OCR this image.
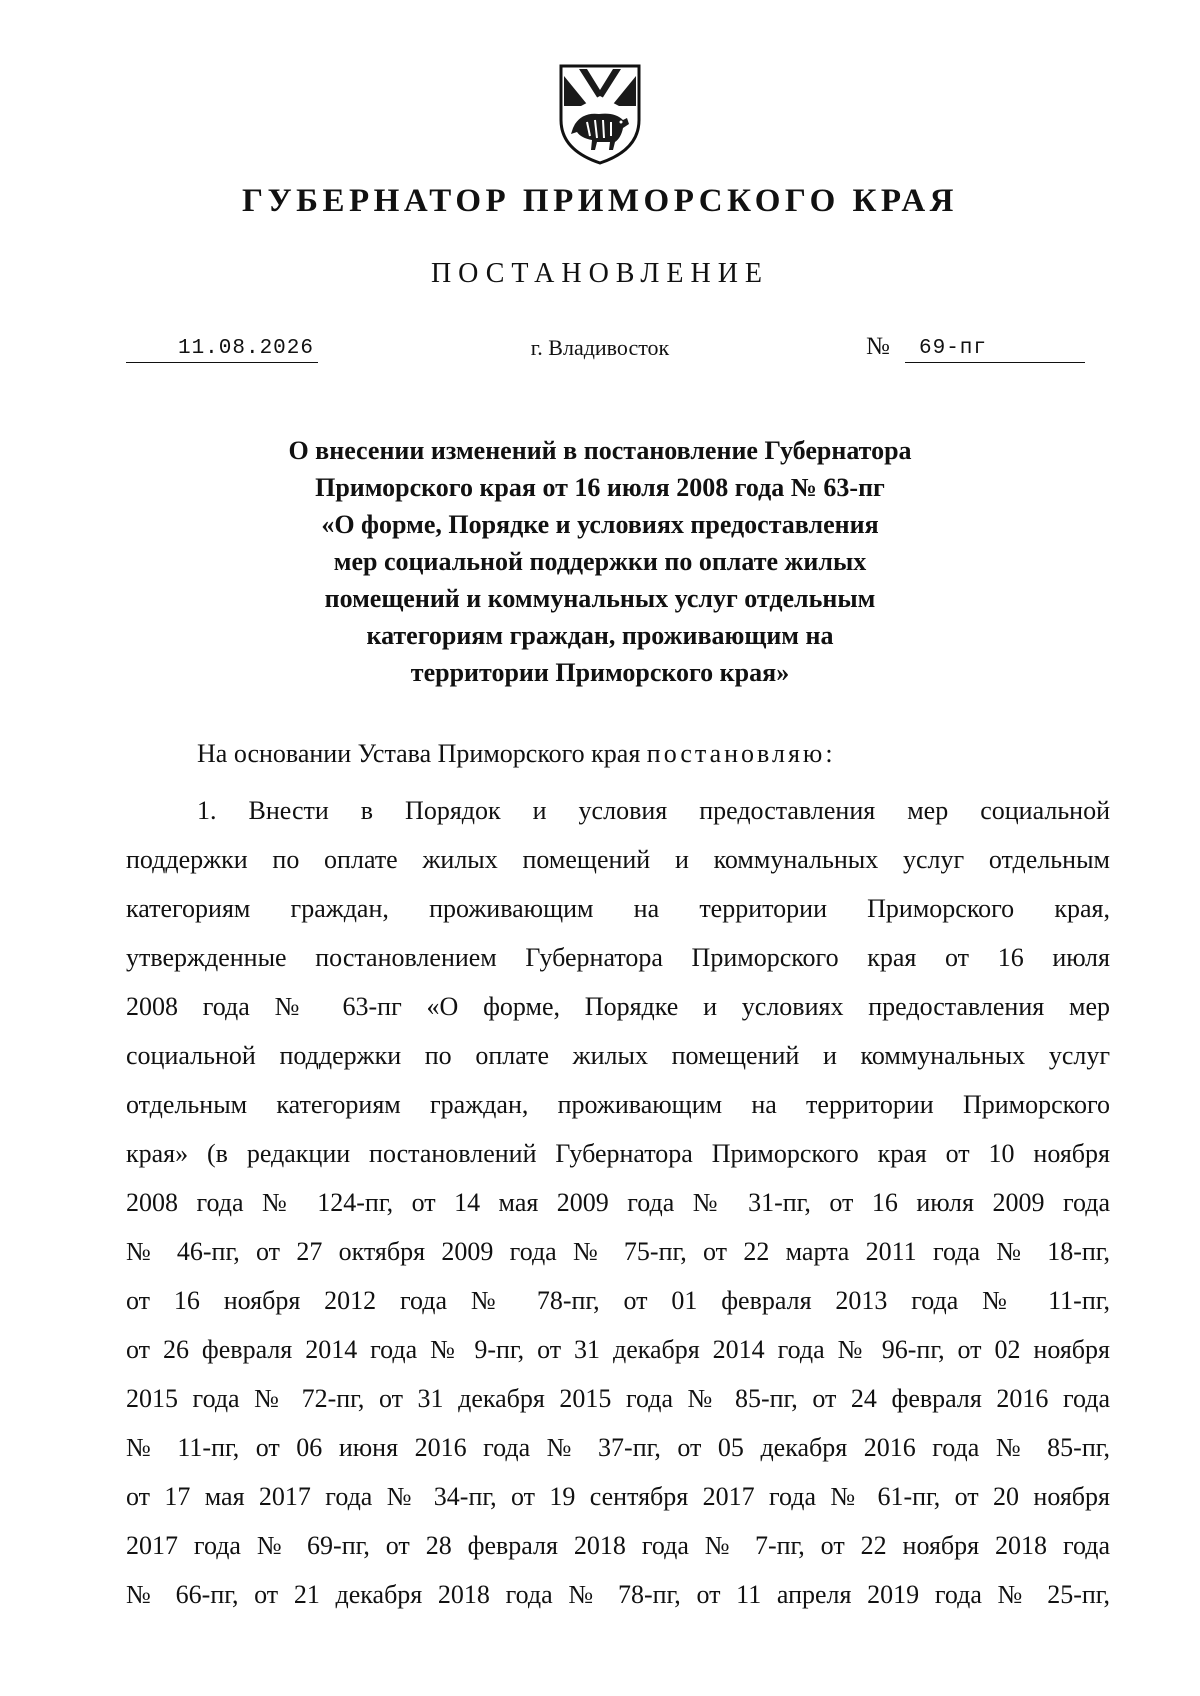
ГУБЕРНАТОР ПРИМОРСКОГО КРАЯ
ПОСТАНОВЛЕНИЕ
11.08.2026	г. Владивосток	№	69-пг
О внесении изменений в постановление Губернатора
Приморского края от 16 июля 2008 года № 63-пг
«О форме, Порядке и условиях предоставления
мер социальной поддержки по оплате жилых
помещений и коммунальных услуг отдельным
категориям граждан, проживающим на
территории Приморского края»
На основании Устава Приморского края постановляю:
1. Внести в Порядок и условия предоставления мер социальной
поддержки по оплате жилых помещений и коммунальных услуг отдельным
категориям граждан, проживающим на территории Приморского края,
утвержденные постановлением Губернатора Приморского края от 16 июля
2008 года № 63-пг «О форме, Порядке и условиях предоставления мер
социальной поддержки по оплате жилых помещений и коммунальных услуг
отдельным категориям граждан, проживающим на территории Приморского
края» (в редакции постановлений Губернатора Приморского края от 10 ноября
2008 года № 124-пг, от 14 мая 2009 года № 31-пг, от 16 июля 2009 года
№ 46-пг, от 27 октября 2009 года № 75-пг, от 22 марта 2011 года № 18-пг,
от 16 ноября 2012 года № 78-пг, от 01 февраля 2013 года № 11-пг,
от 26 февраля 2014 года № 9-пг, от 31 декабря 2014 года № 96-пг, от 02 ноября
2015 года № 72-пг, от 31 декабря 2015 года № 85-пг, от 24 февраля 2016 года
№ 11-пг, от 06 июня 2016 года № 37-пг, от 05 декабря 2016 года № 85-пг,
от 17 мая 2017 года № 34-пг, от 19 сентября 2017 года № 61-пг, от 20 ноября
2017 года № 69-пг, от 28 февраля 2018 года № 7-пг, от 22 ноября 2018 года
№ 66-пг, от 21 декабря 2018 года № 78-пг, от 11 апреля 2019 года № 25-пг,
